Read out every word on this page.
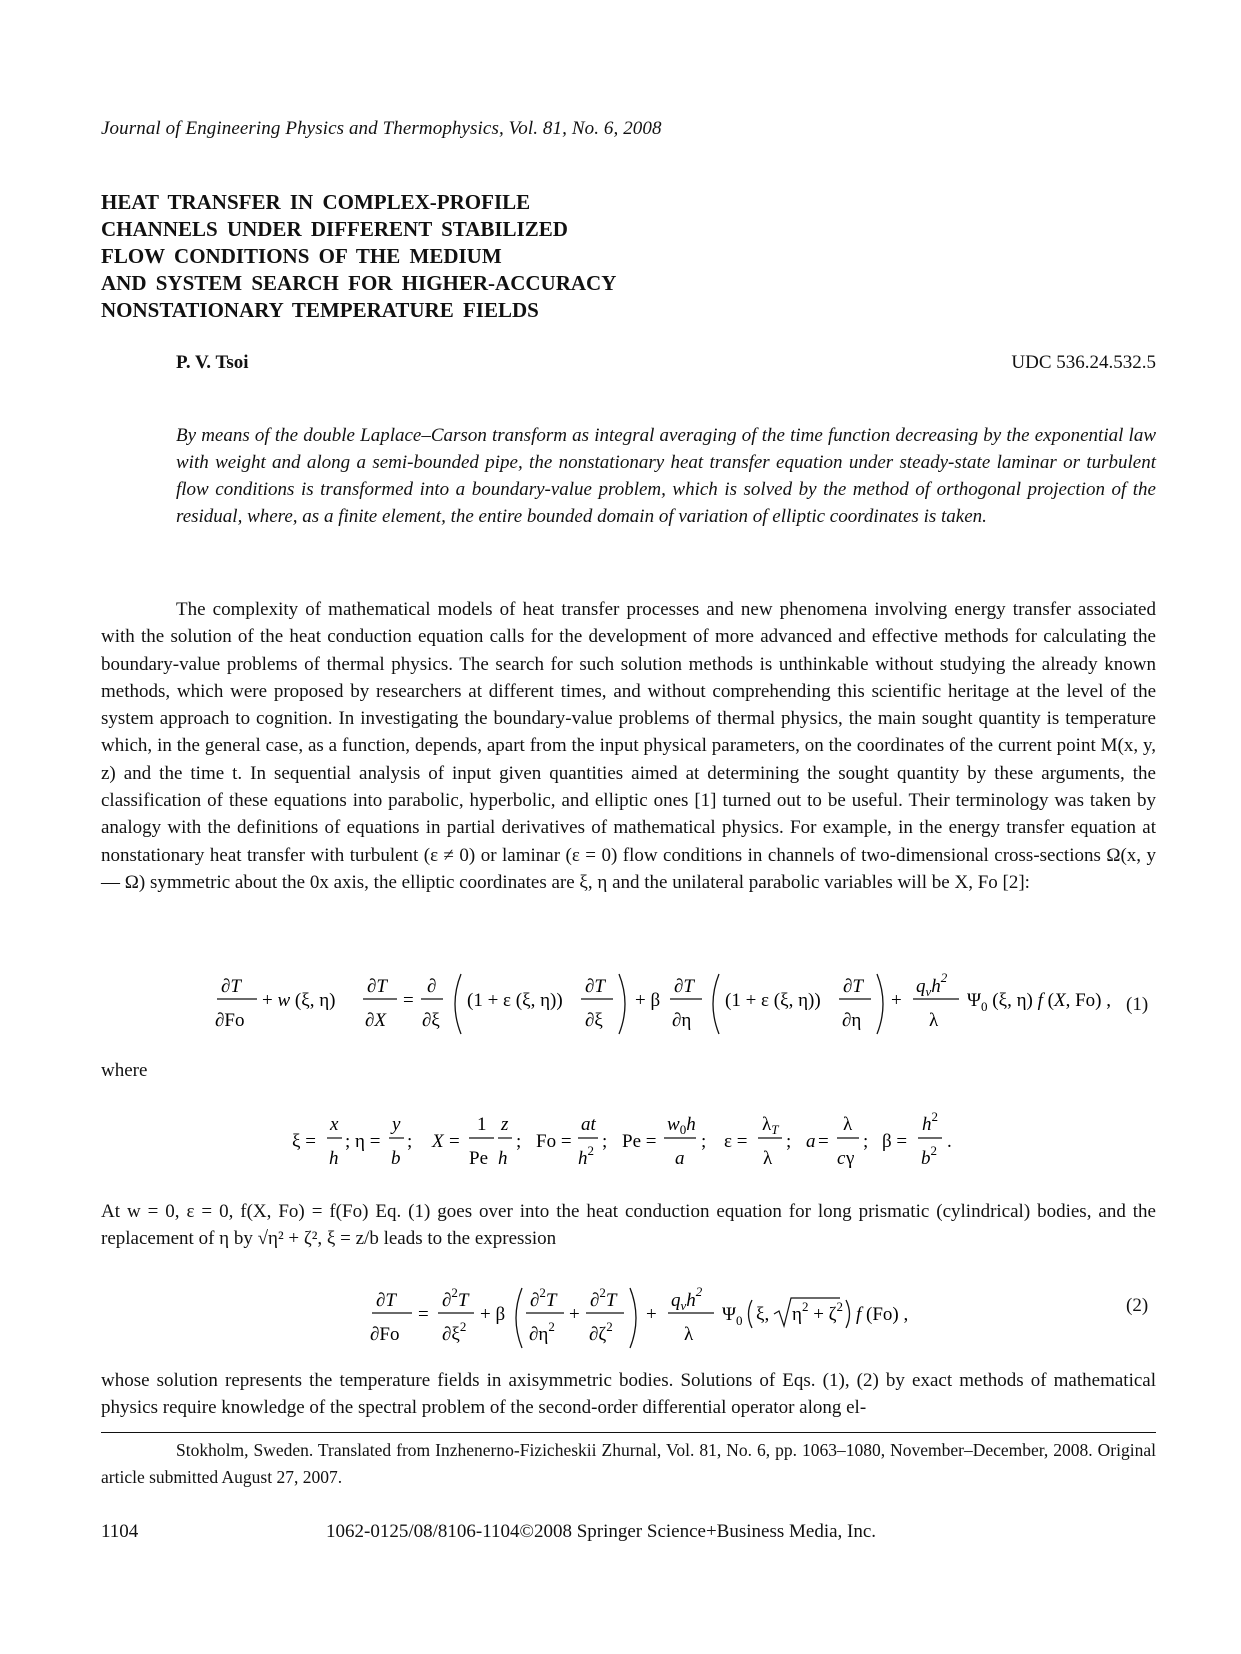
Journal of Engineering Physics and Thermophysics, Vol. 81, No. 6, 2008
HEAT TRANSFER IN COMPLEX-PROFILE
CHANNELS UNDER DIFFERENT STABILIZED
FLOW CONDITIONS OF THE MEDIUM
AND SYSTEM SEARCH FOR HIGHER-ACCURACY
NONSTATIONARY TEMPERATURE FIELDS
P. V. Tsoi	UDC 536.24.532.5
By means of the double Laplace–Carson transform as integral averaging of the time function decreasing by the exponential law with weight and along a semi-bounded pipe, the nonstationary heat transfer equation under steady-state laminar or turbulent flow conditions is transformed into a boundary-value problem, which is solved by the method of orthogonal projection of the residual, where, as a finite element, the entire bounded domain of variation of elliptic coordinates is taken.
The complexity of mathematical models of heat transfer processes and new phenomena involving energy transfer associated with the solution of the heat conduction equation calls for the development of more advanced and effective methods for calculating the boundary-value problems of thermal physics. The search for such solution methods is unthinkable without studying the already known methods, which were proposed by researchers at different times, and without comprehending this scientific heritage at the level of the system approach to cognition. In investigating the boundary-value problems of thermal physics, the main sought quantity is temperature which, in the general case, as a function, depends, apart from the input physical parameters, on the coordinates of the current point M(x, y, z) and the time t. In sequential analysis of input given quantities aimed at determining the sought quantity by these arguments, the classification of these equations into parabolic, hyperbolic, and elliptic ones [1] turned out to be useful. Their terminology was taken by analogy with the definitions of equations in partial derivatives of mathematical physics. For example, in the energy transfer equation at nonstationary heat transfer with turbulent (ε ≠ 0) or laminar (ε = 0) flow conditions in channels of two-dimensional cross-sections Ω(x, y — Ω) symmetric about the 0x axis, the elliptic coordinates are ξ, η and the unilateral parabolic variables will be X, Fo [2]:
∂T
∂Fo
+ w (ξ, η)
∂T
∂X
=
∂
∂ξ
(1 + ε (ξ, η))
∂T
∂ξ
+ β
∂T
∂η
(1 + ε (ξ, η))
∂T
∂η
+
$q_vh^2$
λ
$\Psi_0$ (ξ, η) f (X, Fo) , (1)
where
ξ =
x
h
; η =
y
b
; X =
1
Pe
z
h
; Fo =
at
$h^2$ ; Pe =
$w_0h$
a
; ε =
$\lambda_T$
λ
; a =
λ
c γ
; β =
$h^2$
$b^2$ .
At w = 0, ε = 0, f(X, Fo) = f(Fo) Eq. (1) goes over into the heat conduction equation for long prismatic (cylindrical) bodies, and the replacement of η by √η² + ζ², ξ = z/b leads to the expression
∂T
∂Fo
=
∂$^2$T
$\partial\xi^2$
+ β
∂$^2$T
$\partial\eta^2$
+
∂$^2$T
$\partial\zeta^2$
+
$q_vh^2$
λ
$\Psi_0$ ξ, $\eta^2 + \zeta^2$ f (Fo) ,	(2)
whose solution represents the temperature fields in axisymmetric bodies. Solutions of Eqs. (1), (2) by exact methods of mathematical physics require knowledge of the spectral problem of the second-order differential operator along el-
Stokholm, Sweden. Translated from Inzhenerno-Fizicheskii Zhurnal, Vol. 81, No. 6, pp. 1063–1080, November–December, 2008. Original article submitted August 27, 2007.
1104	1062-0125/08/8106-1104©2008 Springer Science+Business Media, Inc.
